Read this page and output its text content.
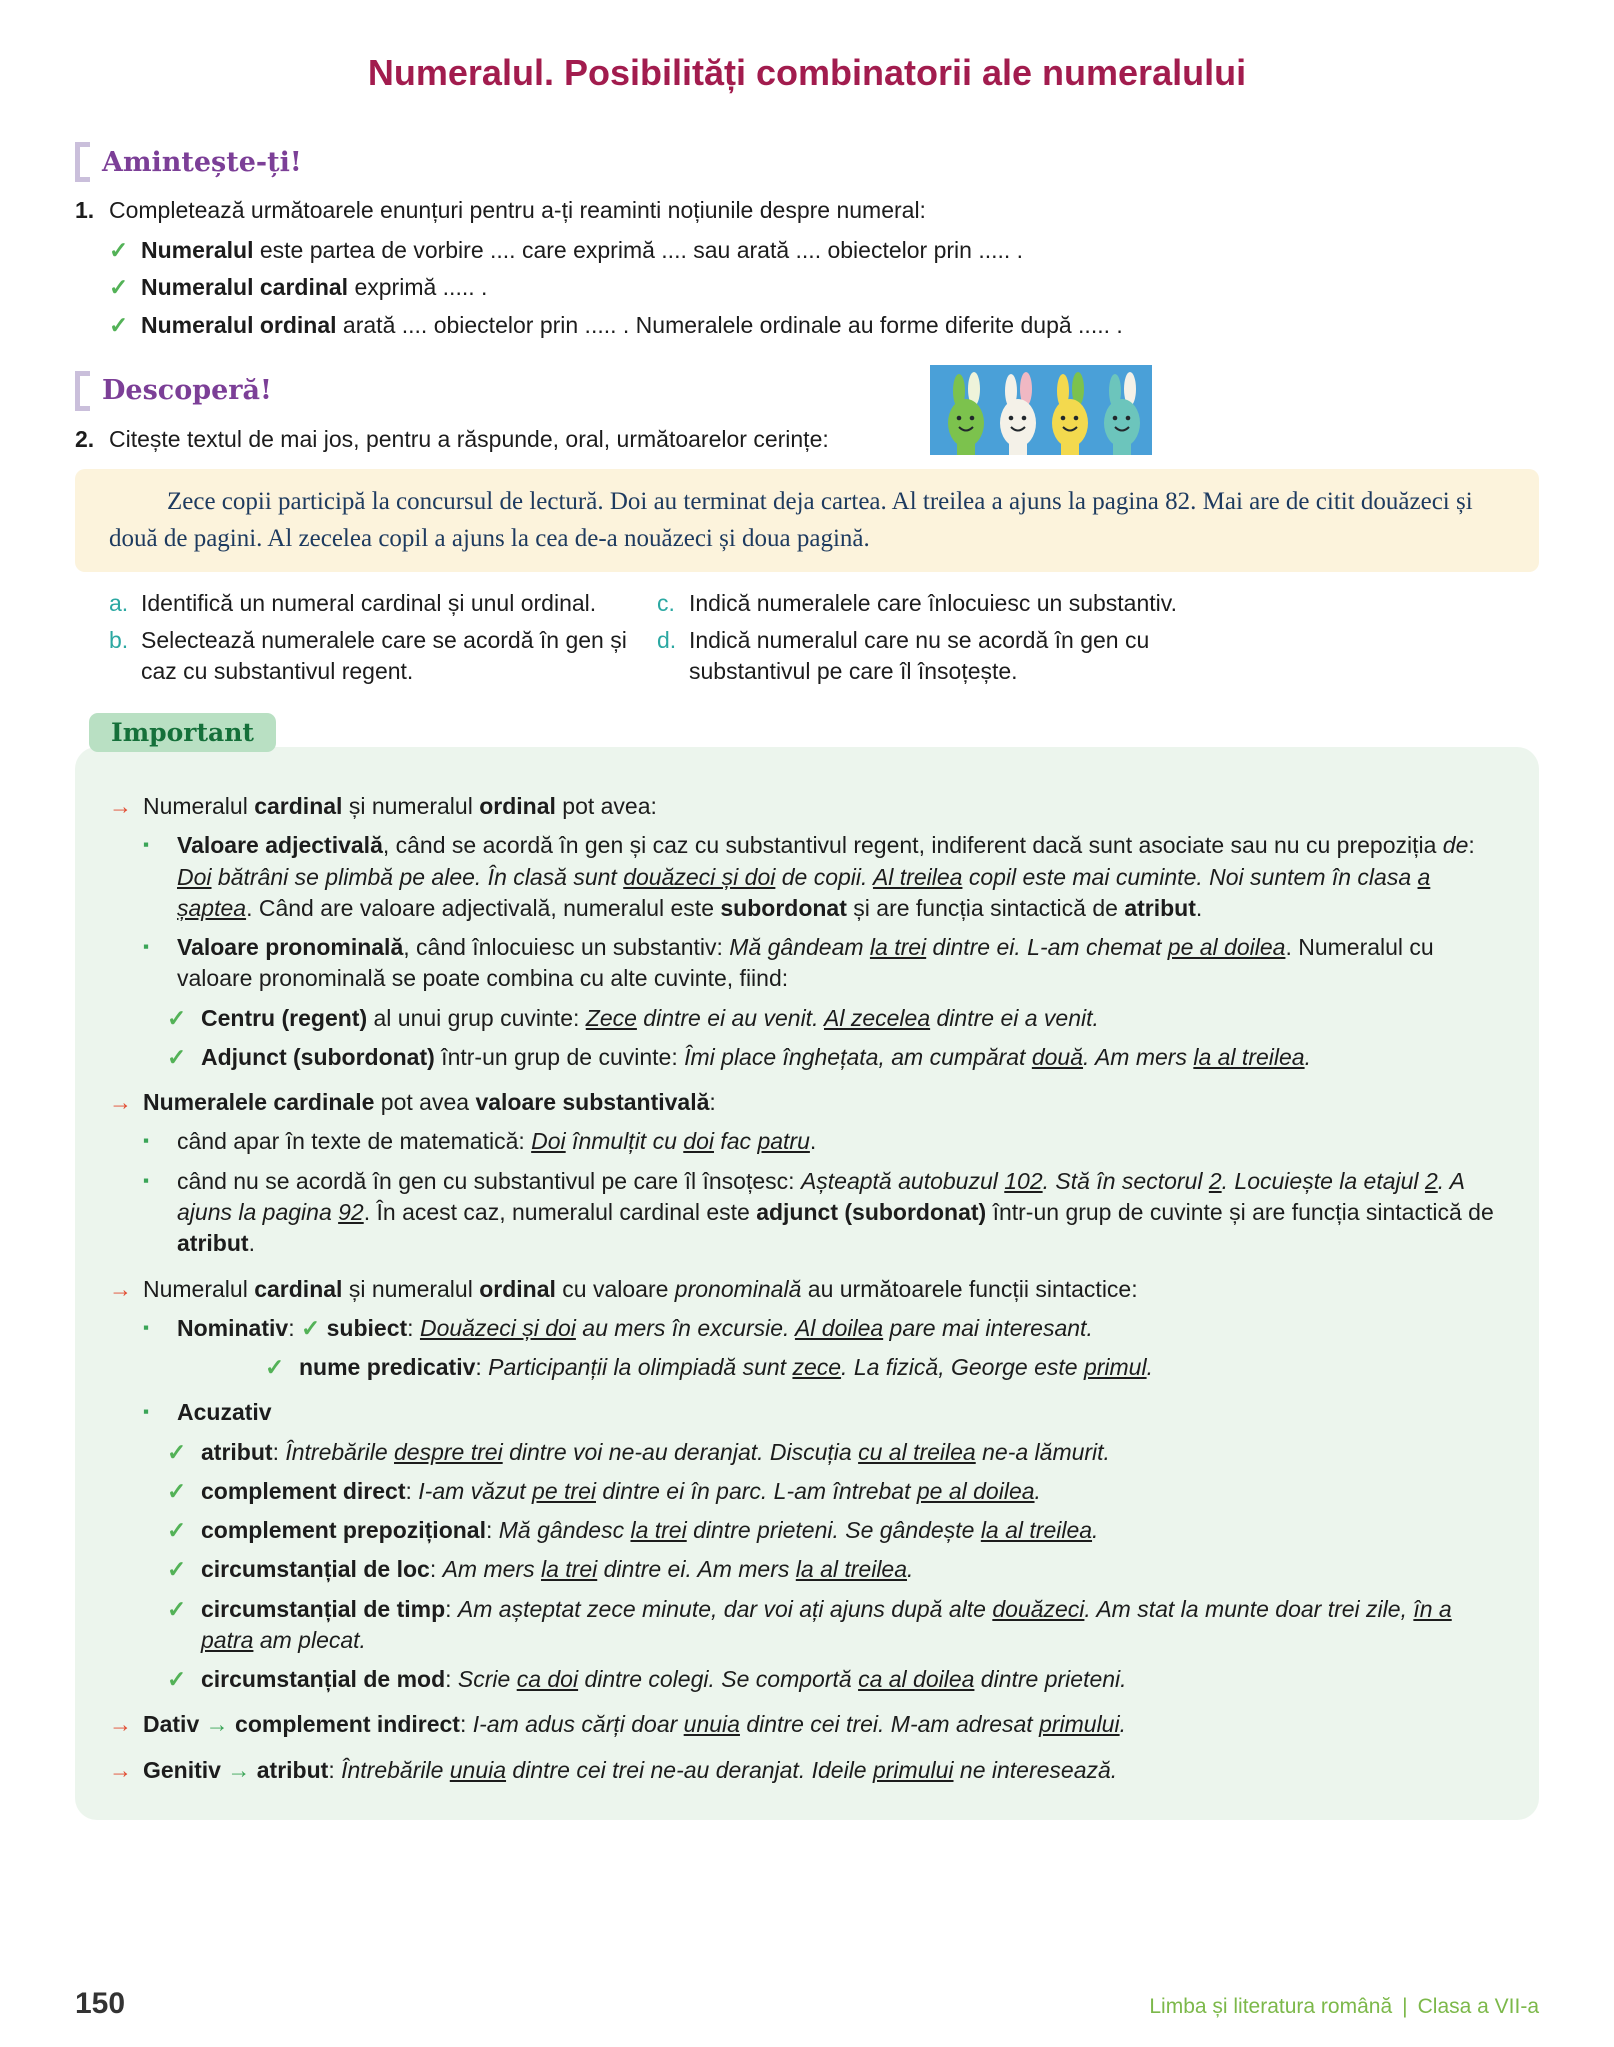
Numeralul. Posibilități combinatorii ale numeralului
Amintește-ți!
1. Completează următoarele enunțuri pentru a-ți reaminti noțiunile despre numeral:
✓ Numeralul este partea de vorbire .... care exprimă .... sau arată .... obiectelor prin ..... .
✓ Numeralul cardinal exprimă ..... .
✓ Numeralul ordinal arată .... obiectelor prin ..... . Numeralele ordinale au forme diferite după ..... .
Descoperă!
2. Citește textul de mai jos, pentru a răspunde, oral, următoarelor cerințe:
Zece copii participă la concursul de lectură. Doi au terminat deja cartea. Al treilea a ajuns la pagina 82. Mai are de citit douăzeci și două de pagini. Al zecelea copil a ajuns la cea de-a nouăzeci și doua pagină.
a. Identifică un numeral cardinal și unul ordinal.	c. Indică numeralele care înlocuiesc un substantiv.
b. Selectează numeralele care se acordă în gen și caz cu substantivul regent.
d. Indică numeralul care nu se acordă în gen cu substantivul pe care îl însoțește.
Important
→ Numeralul cardinal și numeralul ordinal pot avea:
▪	Valoare adjectivală, când se acordă în gen și caz cu substantivul regent, indiferent dacă sunt asociate sau nu cu prepoziția de: Doi bătrâni se plimbă pe alee. În clasă sunt douăzeci și doi de copii. Al treilea copil este mai cuminte. Noi suntem în clasa a șaptea. Când are valoare adjectivală, numeralul este subordonat și are funcția sintactică de atribut.
▪	Valoare pronominală, când înlocuiesc un substantiv: Mă gândeam la trei dintre ei. L-am chemat pe al doilea. Numeralul cu valoare pronominală se poate combina cu alte cuvinte, fiind:
✓ Centru (regent) al unui grup cuvinte: Zece dintre ei au venit. Al zecelea dintre ei a venit.
✓ Adjunct (subordonat) într-un grup de cuvinte: Îmi place înghețata, am cumpărat două. Am mers la al treilea.
→ Numeralele cardinale pot avea valoare substantivală:
▪	când apar în texte de matematică: Doi înmulțit cu doi fac patru.
▪	când nu se acordă în gen cu substantivul pe care îl însoțesc: Așteaptă autobuzul 102. Stă în sectorul 2. Locuiește la etajul 2. A ajuns la pagina 92. În acest caz, numeralul cardinal este adjunct (subordonat) într-un grup de cuvinte și are funcția sintactică de atribut.
→ Numeralul cardinal și numeralul ordinal cu valoare pronominală au următoarele funcții sintactice:
▪	Nominativ: ✓ subiect: Douăzeci și doi au mers în excursie. Al doilea pare mai interesant.
✓ nume predicativ: Participanții la olimpiadă sunt zece. La fizică, George este primul.
▪	Acuzativ
✓ atribut: Întrebările despre trei dintre voi ne-au deranjat. Discuția cu al treilea ne-a lămurit.
✓ complement direct: I-am văzut pe trei dintre ei în parc. L-am întrebat pe al doilea.
✓ complement prepozițional: Mă gândesc la trei dintre prieteni. Se gândește la al treilea.
✓ circumstanțial de loc: Am mers la trei dintre ei. Am mers la al treilea.
✓ circumstanțial de timp: Am așteptat zece minute, dar voi ați ajuns după alte douăzeci. Am stat la munte doar trei zile, în a patra am plecat.
✓ circumstanțial de mod: Scrie ca doi dintre colegi. Se comportă ca al doilea dintre prieteni.
→ Dativ → complement indirect: I-am adus cărți doar unuia dintre cei trei. M-am adresat primului.
→ Genitiv → atribut: Întrebările unuia dintre cei trei ne-au deranjat. Ideile primului ne interesează.
150	Limba și literatura română | Clasa a VII-a
